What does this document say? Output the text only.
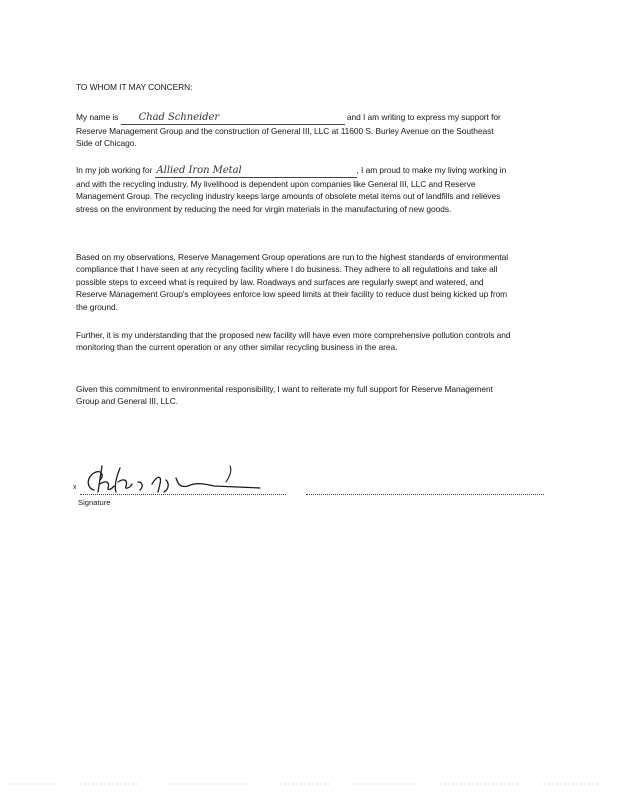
TO WHOM IT MAY CONCERN:
My name is Chad Schneider	and I am writing to express my support for Reserve Management Group and the construction of General III, LLC at 11600 S. Burley Avenue on the Southeast Side of Chicago.
In my job working for Allied Iron Metal	, I am proud to make my living working in and with the recycling industry. My livelihood is dependent upon companies like General III, LLC and Reserve Management Group. The recycling industry keeps large amounts of obsolete metal items out of landfills and relieves stress on the environment by reducing the need for virgin materials in the manufacturing of new goods.
Based on my observations, Reserve Management Group operations are run to the highest standards of environmental compliance that I have seen at any recycling facility where I do business. They adhere to all regulations and take all possible steps to exceed what is required by law. Roadways and surfaces are regularly swept and watered, and Reserve Management Group's employees enforce low speed limits at their facility to reduce dust being kicked up from the ground.
Further, it is my understanding that the proposed new facility will have even more comprehensive pollution controls and monitoring than the current operation or any other similar recycling business in the area.
Given this commitment to environmental responsibility, I want to reiterate my full support for Reserve Management Group and General III, LLC.
x
Signature
